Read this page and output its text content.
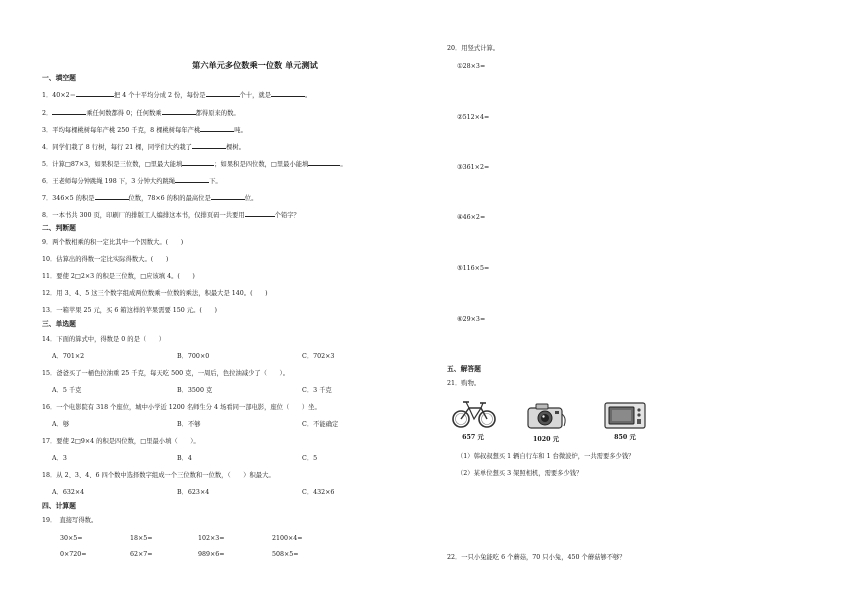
第六单元多位数乘一位数 单元测试
一、填空题
1．40×2＝	把 4 个十平均分成 2 份，每份是	个十，就是	。
2．	乘任何数都得 0；任何数乘	都得原来的数。
3．平均每棵桃树每年产桃 250 千克，8 棵桃树每年产桃	吨。
4．同学们栽了 8 行树，每行 21 棵，同学们大约栽了	棵树。
5．计算□87×3，如果积是三位数，□里最大能填	；如果积是四位数，□里最小能填	。
6．王老师每分钟跳绳 198 下，3 分钟大约跳绳	下。
7．346×5 的积是	位数，78×6 的积的最高位是	位。
8．一本书共 300 页，印刷厂的排版工人编排这本书，仅排页码一共要用	个铅字？
二、判断题
9．两个数相乘的积一定比其中一个因数大。(　　)
10．估算出的得数一定比实际得数大。(　　)
11．要使 2□2×3 的积是三位数，□应该填 4。(　　)
12．用 3、4、5 这三个数字组成两位数乘一位数的乘法，积最大是 140。(　　)
13．一箱苹果 25 元，买 6 箱这样的苹果需要 150 元。(　　)
三、单选题
14．下面的算式中，得数是 0 的是（　　）
A．701×2	B．700×0	C．702×3
15．爸爸买了一桶色拉油重 25 千克，每天吃 500 克，一周后，色拉油减少了（　　）。
A．5 千克	B．3500 克	C．3 千克
16．一个电影院有 318 个座位，城中小学近 1200 名师生分 4 场看同一部电影，座位（　　）坐。
A．够	B．不够	C．不能确定
17．要使 2□9×4 的积是四位数，□里最小填（　　）。
A．3	B．4	C．5
18．从 2、3、4、6 四个数中选择数字组成一个三位数和一位数，（　　）积最大。
A．632×4	B．623×4	C．432×6
四、计算题
19．　直接写得数。
30×5=	18×5=	102×3=	2100×4=
0×720=	62×7=	989×6=	508×5=
20．用竖式计算。
①28×3=
②512×4=
③361×2=
④46×2=
⑤116×5=
⑥29×3=
五、解答题
21．购物。
657 元	1020 元	850 元
（1）韩叔叔想买 1 辆自行车和 1 台微波炉，一共需要多少钱？
（2）某单位想买 3 架照相机，需要多少钱？
22．一只小兔能吃 6 个蘑菇，70 只小兔，450 个蘑菇够不够？
